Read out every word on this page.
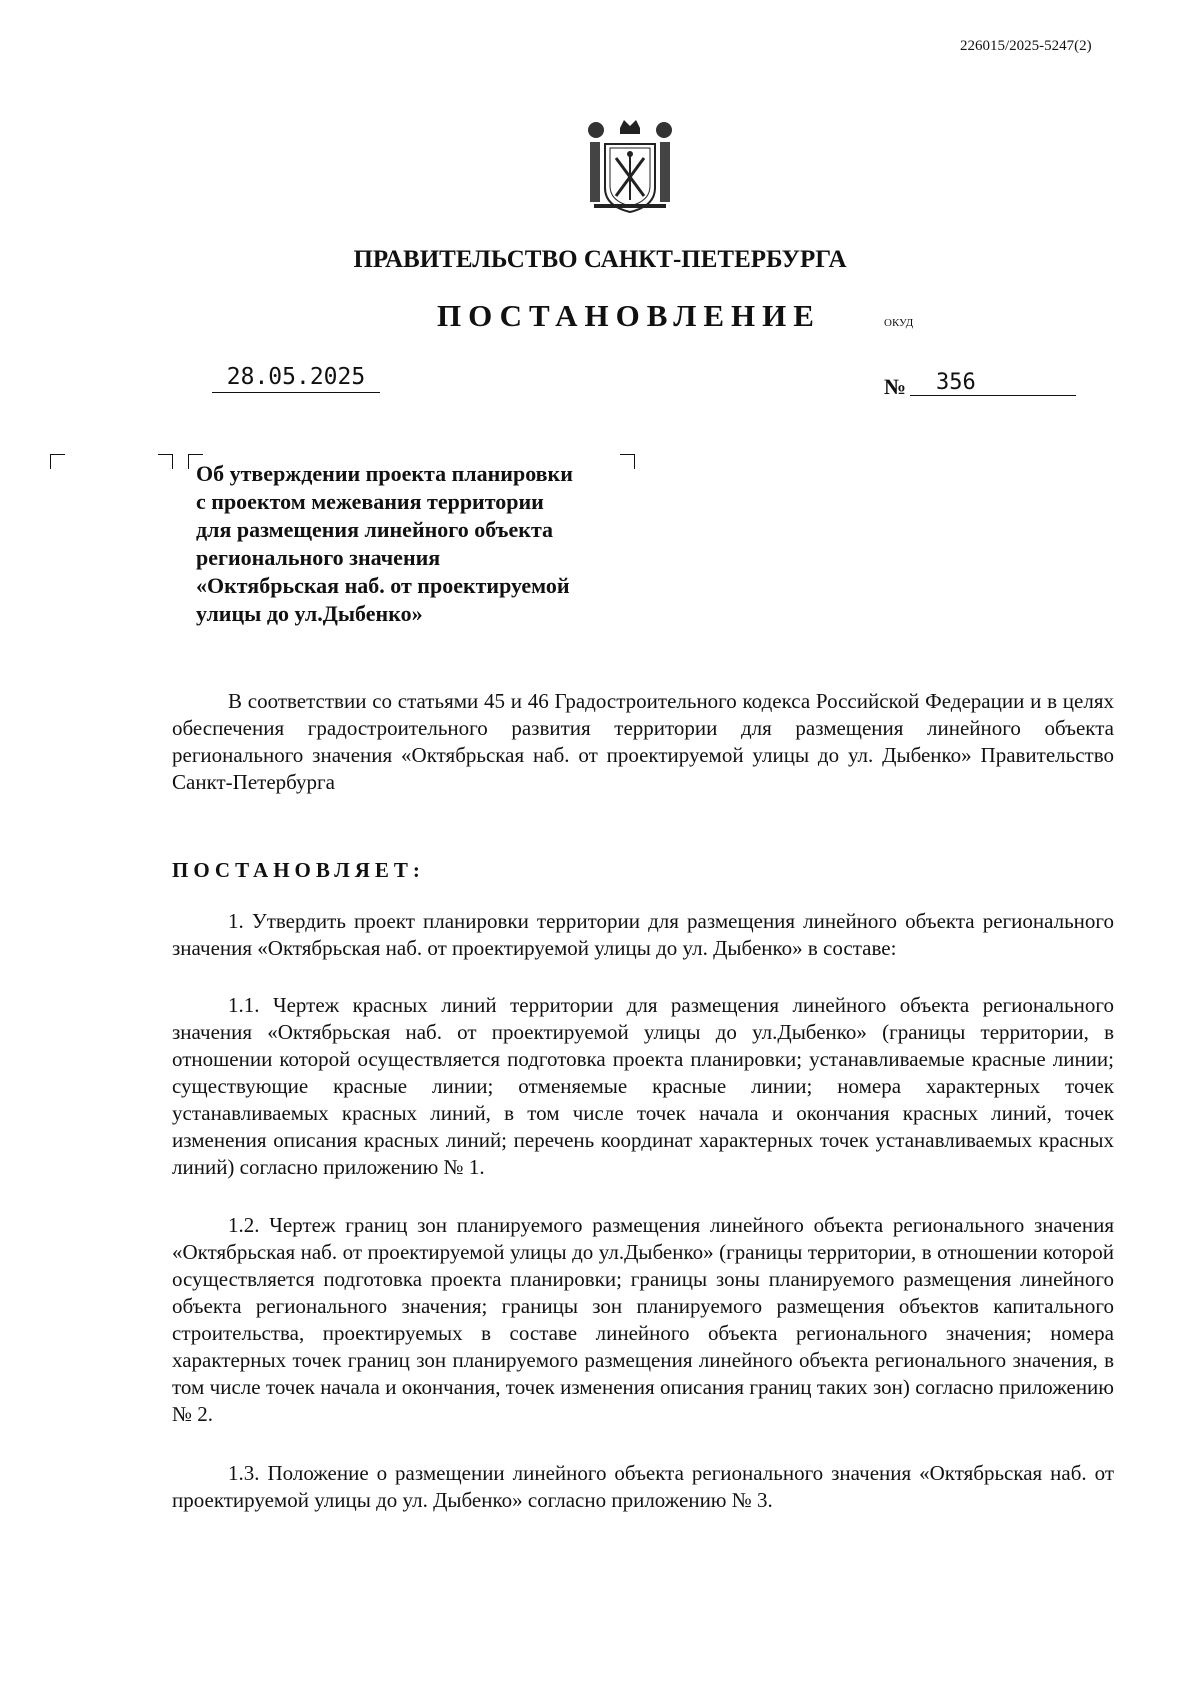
226015/2025-5247(2)
ПРАВИТЕЛЬСТВО САНКТ-ПЕТЕРБУРГА
ПОСТАНОВЛЕНИЕ	ОКУД
28.05.2025	№	356
Об утверждении проекта планировки
с проектом межевания территории
для размещения линейного объекта
регионального значения
«Октябрьская наб. от проектируемой
улицы до ул.Дыбенко»
В соответствии со статьями 45 и 46 Градостроительного кодекса Российской Федерации и в целях обеспечения градостроительного развития территории для размещения линейного объекта регионального значения «Октябрьская наб. от проектируемой улицы до ул. Дыбенко» Правительство Санкт-Петербурга
ПОСТАНОВЛЯЕТ:
1. Утвердить проект планировки территории для размещения линейного объекта регионального значения «Октябрьская наб. от проектируемой улицы до ул. Дыбенко» в составе:
1.1. Чертеж красных линий территории для размещения линейного объекта регионального значения «Октябрьская наб. от проектируемой улицы до ул.Дыбенко» (границы территории, в отношении которой осуществляется подготовка проекта планировки; устанавливаемые красные линии; существующие красные линии; отменяемые красные линии; номера характерных точек устанавливаемых красных линий, в том числе точек начала и окончания красных линий, точек изменения описания красных линий; перечень координат характерных точек устанавливаемых красных линий) согласно приложению № 1.
1.2. Чертеж границ зон планируемого размещения линейного объекта регионального значения «Октябрьская наб. от проектируемой улицы до ул.Дыбенко» (границы территории, в отношении которой осуществляется подготовка проекта планировки; границы зоны планируемого размещения линейного объекта регионального значения; границы зон планируемого размещения объектов капитального строительства, проектируемых в составе линейного объекта регионального значения; номера характерных точек границ зон планируемого размещения линейного объекта регионального значения, в том числе точек начала и окончания, точек изменения описания границ таких зон) согласно приложению № 2.
1.3. Положение о размещении линейного объекта регионального значения «Октябрьская наб. от проектируемой улицы до ул. Дыбенко» согласно приложению № 3.
